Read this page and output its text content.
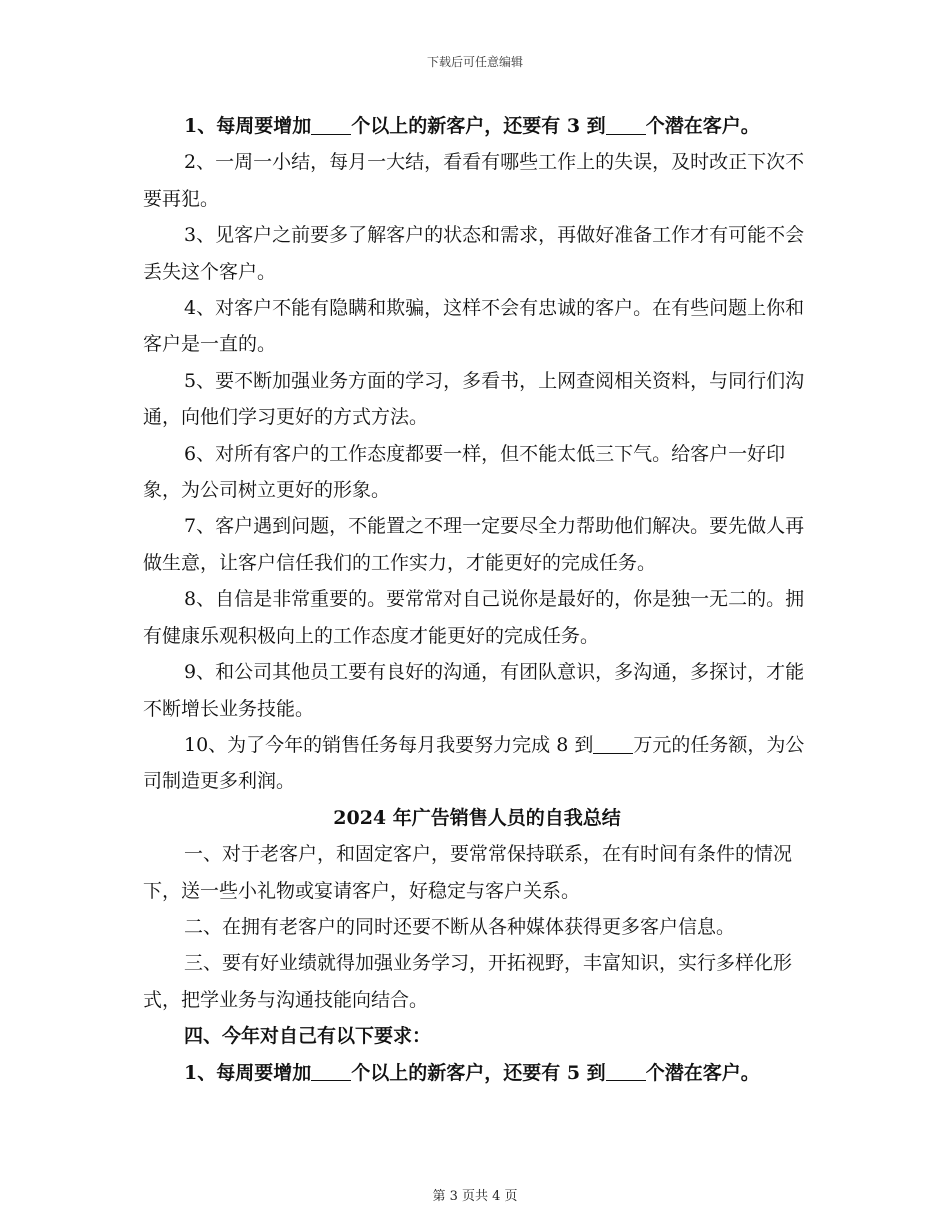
下载后可任意编辑

1、每周要增加 个以上的新客户，还要有 3 到 个潜在客户。

2、一周一小结，每月一大结，看看有哪些工作上的失误，及时改正下次不要再犯。

3、见客户之前要多了解客户的状态和需求，再做好准备工作才有可能不会丢失这个客户。

4、对客户不能有隐瞒和欺骗，这样不会有忠诚的客户。在有些问题上你和客户是一直的。

5、要不断加强业务方面的学习，多看书，上网查阅相关资料，与同行们沟通，向他们学习更好的方式方法。

6、对所有客户的工作态度都要一样，但不能太低三下气。给客户一好印象，为公司树立更好的形象。

7、客户遇到问题，不能置之不理一定要尽全力帮助他们解决。要先做人再做生意，让客户信任我们的工作实力，才能更好的完成任务。

8、自信是非常重要的。要常常对自己说你是最好的，你是独一无二的。拥有健康乐观积极向上的工作态度才能更好的完成任务。

9、和公司其他员工要有良好的沟通，有团队意识，多沟通，多探讨，才能不断增长业务技能。

10、为了今年的销售任务每月我要努力完成 8 到 万元的任务额，为公司制造更多利润。

2024 年广告销售人员的自我总结

一、对于老客户，和固定客户，要常常保持联系，在有时间有条件的情况下，送一些小礼物或宴请客户，好稳定与客户关系。

二、在拥有老客户的同时还要不断从各种媒体获得更多客户信息。

三、要有好业绩就得加强业务学习，开拓视野，丰富知识，实行多样化形式，把学业务与沟通技能向结合。

四、今年对自己有以下要求：

1、每周要增加 个以上的新客户，还要有 5 到 个潜在客户。

第 3 页共 4 页
